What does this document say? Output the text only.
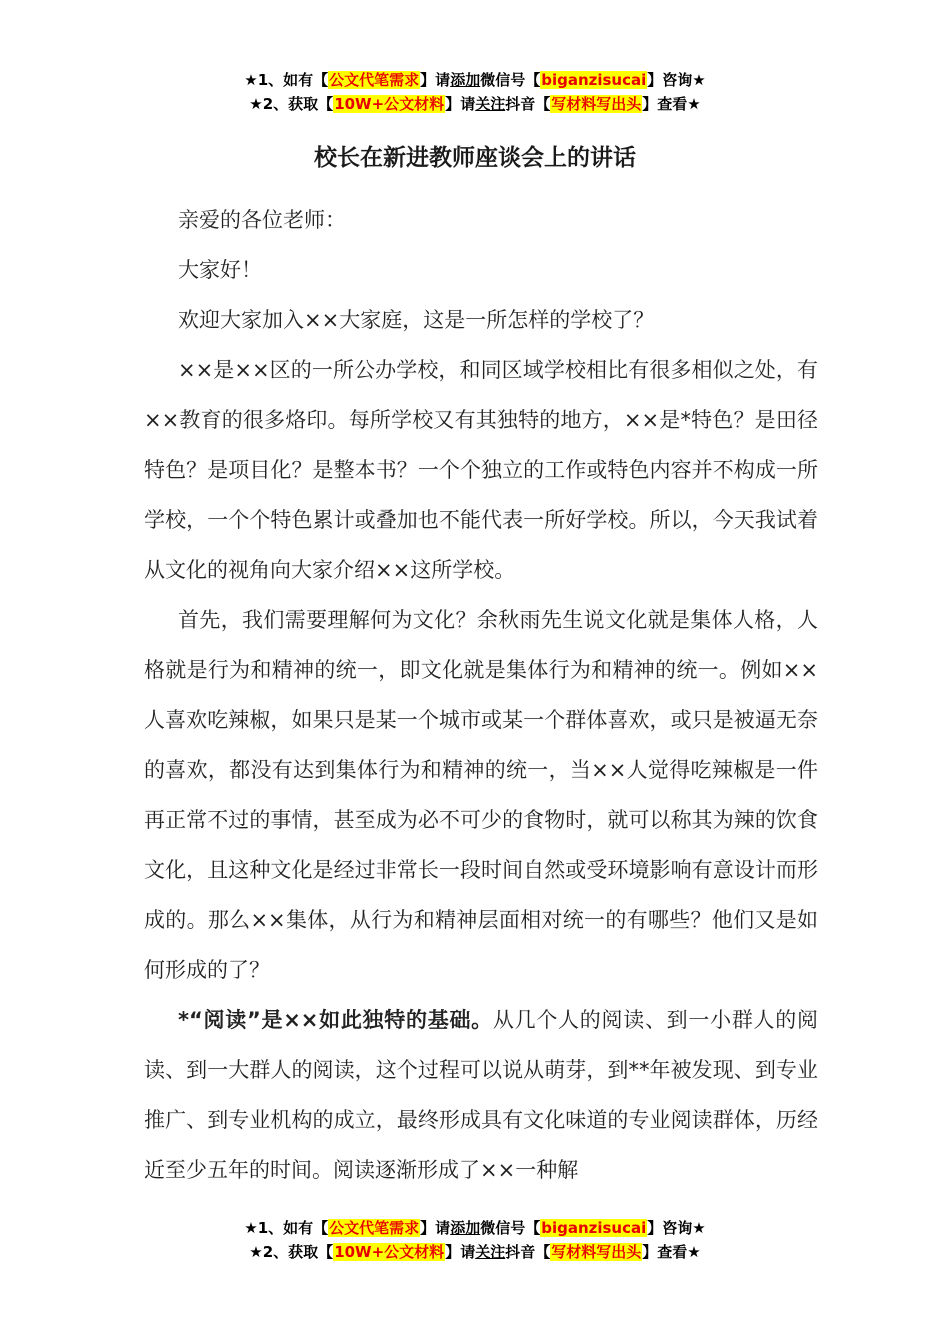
★1、如有【公文代笔需求】请添加微信号【biganzisucai】咨询★
★2、获取【10W+公文材料】请关注抖音【写材料写出头】查看★
校长在新进教师座谈会上的讲话

亲爱的各位老师：

大家好！

欢迎大家加入××大家庭，这是一所怎样的学校了？

××是××区的一所公办学校，和同区域学校相比有很多相似之处，有××教育的很多烙印。每所学校又有其独特的地方，××是*特色？是田径特色？是项目化？是整本书？一个个独立的工作或特色内容并不构成一所学校，一个个特色累计或叠加也不能代表一所好学校。所以，今天我试着从文化的视角向大家介绍××这所学校。

首先，我们需要理解何为文化？余秋雨先生说文化就是集体人格，人格就是行为和精神的统一，即文化就是集体行为和精神的统一。例如××人喜欢吃辣椒，如果只是某一个城市或某一个群体喜欢，或只是被逼无奈的喜欢，都没有达到集体行为和精神的统一，当××人觉得吃辣椒是一件再正常不过的事情，甚至成为必不可少的食物时，就可以称其为辣的饮食文化，且这种文化是经过非常长一段时间自然或受环境影响有意设计而形成的。那么××集体，从行为和精神层面相对统一的有哪些？他们又是如何形成的了？

*“阅读”是××如此独特的基础。从几个人的阅读、到一小群人的阅读、到一大群人的阅读，这个过程可以说从萌芽，到**年被发现、到专业推广、到专业机构的成立，最终形成具有文化味道的专业阅读群体，历经近至少五年的时间。阅读逐渐形成了××一种解

★1、如有【公文代笔需求】请添加微信号【biganzisucai】咨询★
★2、获取【10W+公文材料】请关注抖音【写材料写出头】查看★
